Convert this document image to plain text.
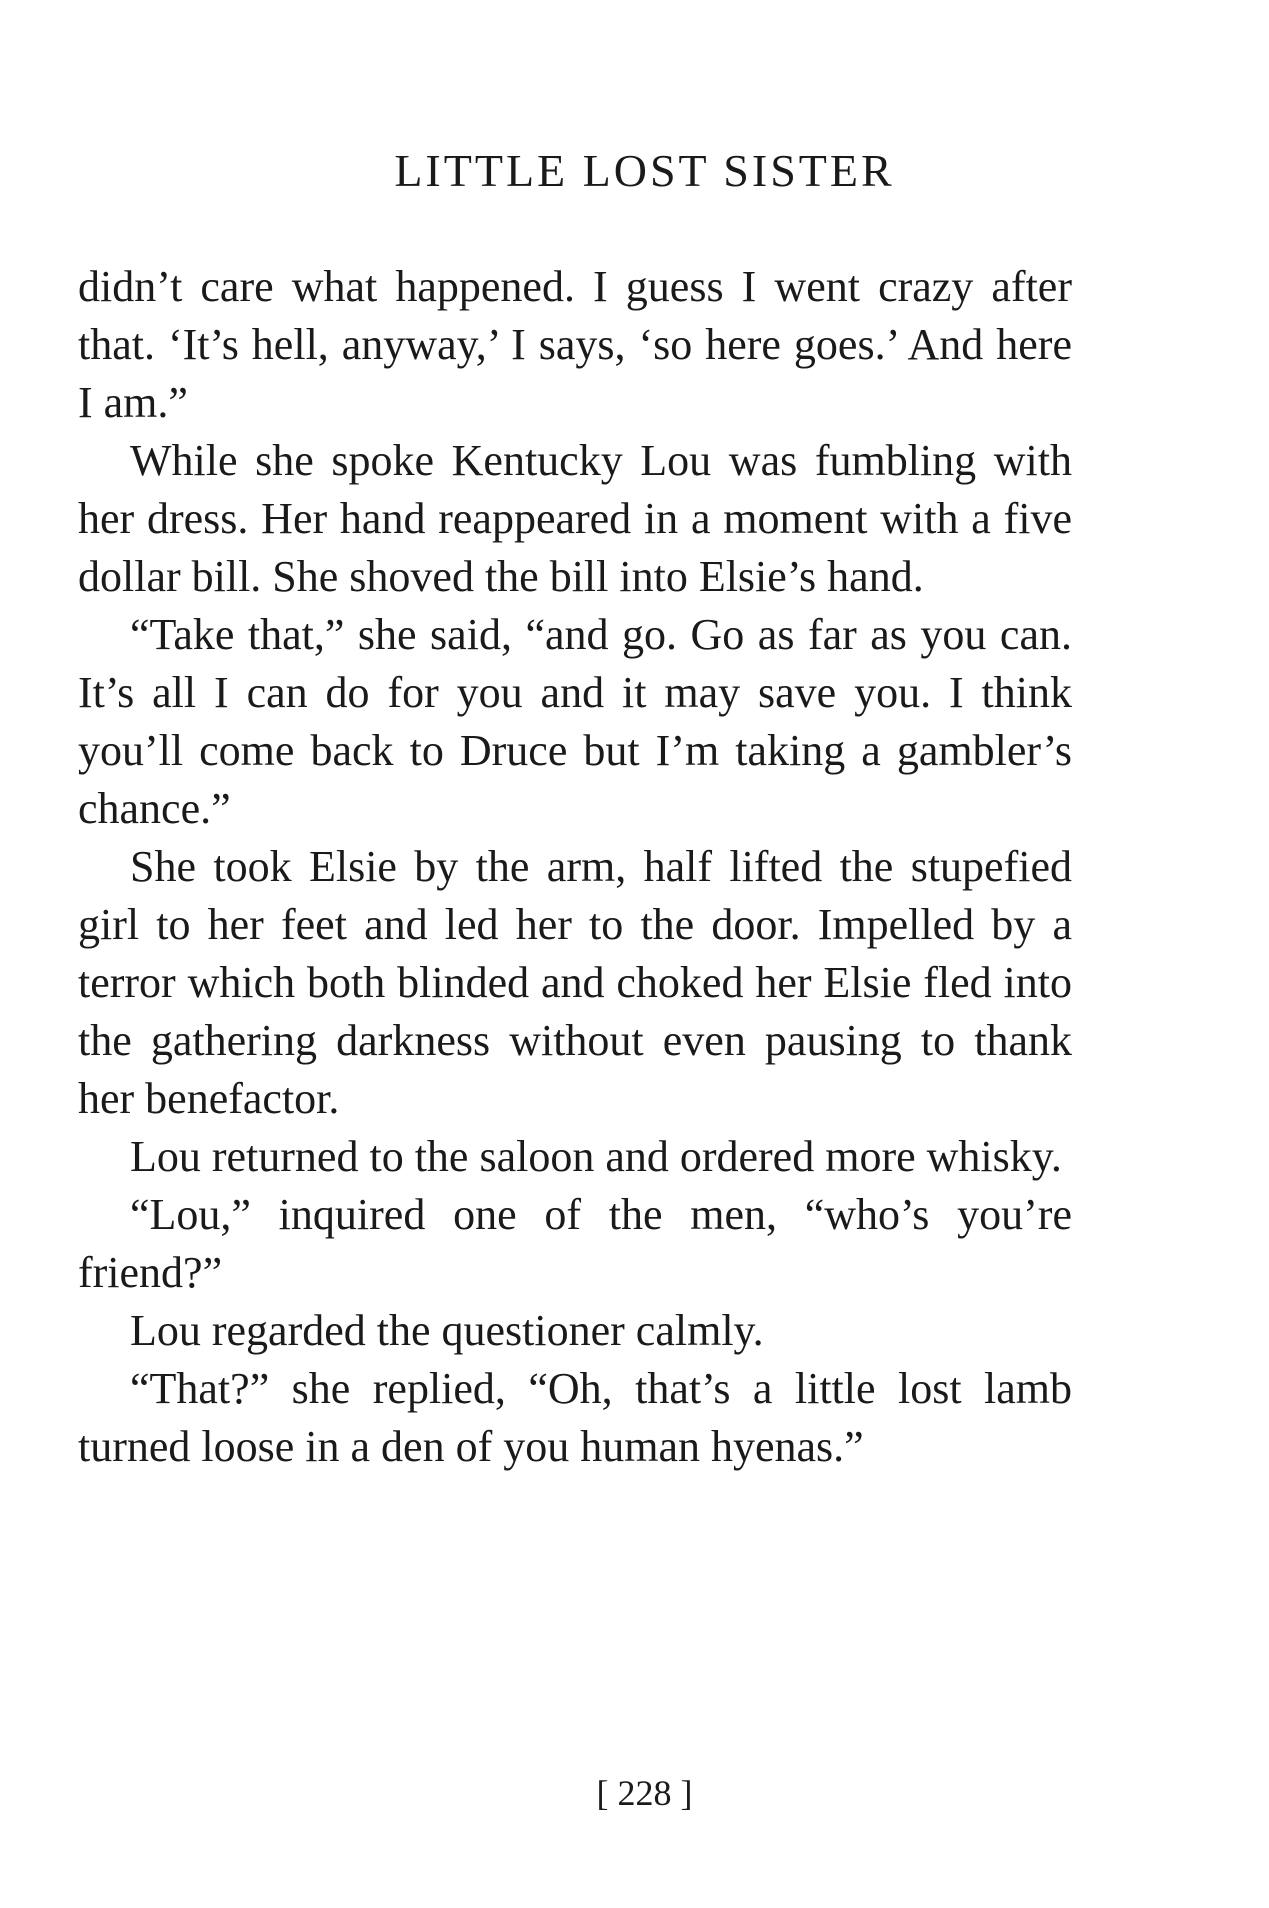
LITTLE LOST SISTER

didn’t care what happened. I guess I went crazy after that. ‘It’s hell, anyway,’ I says, ‘so here goes.’ And here I am.”

While she spoke Kentucky Lou was fumbling with her dress. Her hand reappeared in a moment with a five dollar bill. She shoved the bill into Elsie’s hand.

“Take that,” she said, “and go. Go as far as you can. It’s all I can do for you and it may save you. I think you’ll come back to Druce but I’m taking a gambler’s chance.”

She took Elsie by the arm, half lifted the stupefied girl to her feet and led her to the door. Impelled by a terror which both blinded and choked her Elsie fled into the gathering darkness without even pausing to thank her benefactor.

Lou returned to the saloon and ordered more whisky.

“Lou,” inquired one of the men, “who’s you’re friend?”

Lou regarded the questioner calmly.

“That?” she replied, “Oh, that’s a little lost lamb turned loose in a den of you human hyenas.”

[ 228 ]
